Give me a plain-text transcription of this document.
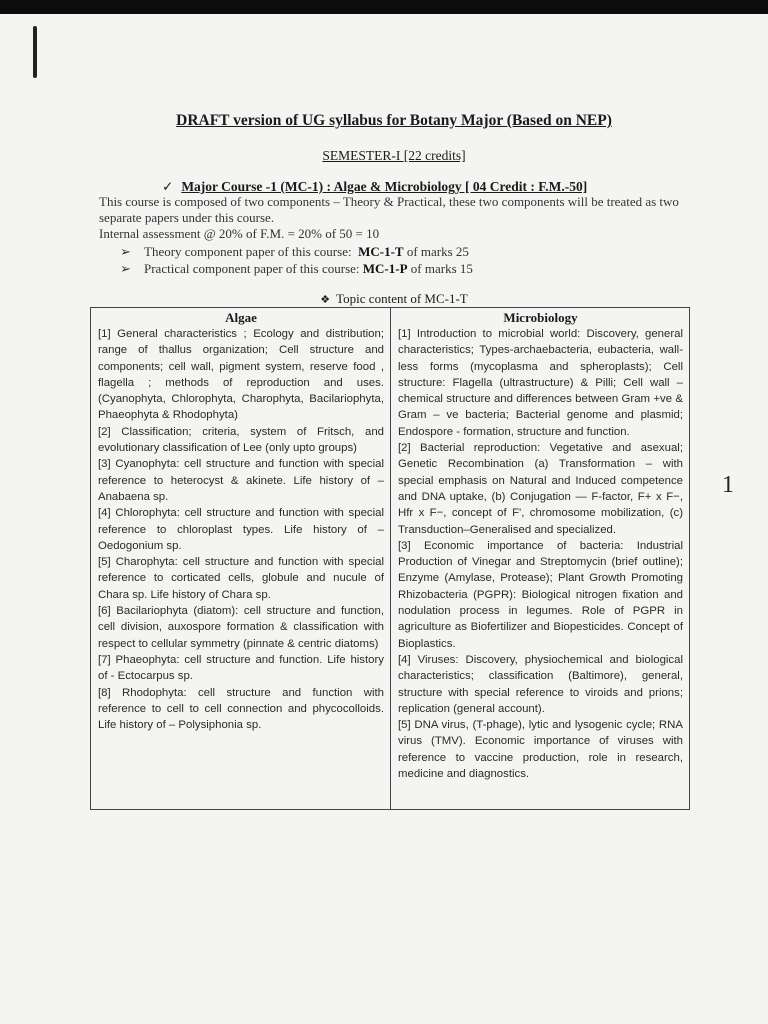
DRAFT version of UG syllabus for Botany Major (Based on NEP)
SEMESTER-I [22 credits]
✓ Major Course -1 (MC-1) : Algae & Microbiology [ 04 Credit : F.M.-50]

This course is composed of two components – Theory & Practical, these two components will be treated as two separate papers under this course.

Internal assessment @ 20% of F.M. = 20% of 50 = 10

➢ Theory component paper of this course: MC-1-T of marks 25
➢ Practical component paper of this course: MC-1-P of marks 15
❖ Topic content of MC-1-T
Algae
[1] General characteristics ; Ecology and distribution; range of thallus organization; Cell structure and components; cell wall, pigment system, reserve food , flagella ; methods of reproduction and uses. (Cyanophyta, Chlorophyta, Charophyta, Bacilariophyta, Phaeophyta & Rhodophyta)
[2] Classification; criteria, system of Fritsch, and evolutionary classification of Lee (only upto groups)
[3] Cyanophyta: cell structure and function with special reference to heterocyst & akinete. Life history of – Anabaena sp.
[4] Chlorophyta: cell structure and function with special reference to chloroplast types. Life history of – Oedogonium sp.
[5] Charophyta: cell structure and function with special reference to corticated cells, globule and nucule of Chara sp. Life history of Chara sp.
[6] Bacilariophyta (diatom): cell structure and function, cell division, auxospore formation & classification with respect to cellular symmetry (pinnate & centric diatoms)
[7] Phaeophyta: cell structure and function. Life history of - Ectocarpus sp.
[8] Rhodophyta: cell structure and function with reference to cell to cell connection and phycocolloids. Life history of – Polysiphonia sp.
Microbiology
[1] Introduction to microbial world: Discovery, general characteristics; Types-archaebacteria, eubacteria, wall-less forms (mycoplasma and spheroplasts); Cell structure: Flagella (ultrastructure) & Pilli; Cell wall – chemical structure and differences between Gram +ve & Gram – ve bacteria; Bacterial genome and plasmid; Endospore - formation, structure and function.
[2] Bacterial reproduction: Vegetative and asexual; Genetic Recombination (a) Transformation – with special emphasis on Natural and Induced competence and DNA uptake, (b) Conjugation — F-factor, F+ x F−, Hfr x F−, concept of F', chromosome mobilization, (c) Transduction–Generalised and specialized.
[3] Economic importance of bacteria: Industrial Production of Vinegar and Streptomycin (brief outline); Enzyme (Amylase, Protease); Plant Growth Promoting Rhizobacteria (PGPR): Biological nitrogen fixation and nodulation process in legumes. Role of PGPR in agriculture as Biofertilizer and Biopesticides. Concept of Bioplastics.
[4] Viruses: Discovery, physiochemical and biological characteristics; classification (Baltimore), general, structure with special reference to viroids and prions; replication (general account).
[5] DNA virus, (T-phage), lytic and lysogenic cycle; RNA virus (TMV). Economic importance of viruses with reference to vaccine production, role in research, medicine and diagnostics.
1
